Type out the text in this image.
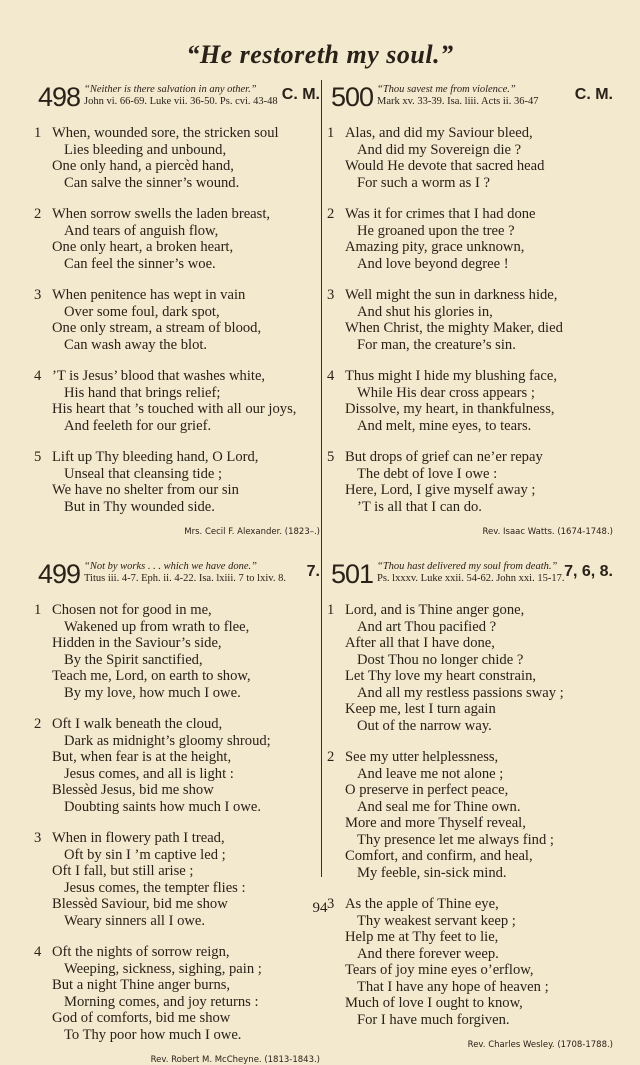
“He restoreth my soul.”
498 “Neither is there salvation in any other.”
John vi. 66-69. Luke vii. 36-50. Ps. cvi. 43-48 C. M.
1 When, wounded sore, the stricken soul
Lies bleeding and unbound,
One only hand, a piercèd hand,
Can salve the sinner’s wound.
2 When sorrow swells the laden breast,
And tears of anguish flow,
One only heart, a broken heart,
Can feel the sinner’s woe.
3 When penitence has wept in vain
Over some foul, dark spot,
One only stream, a stream of blood,
Can wash away the blot.
4 ’T is Jesus’ blood that washes white,
His hand that brings relief;
His heart that ’s touched with all our joys,
And feeleth for our grief.
5 Lift up Thy bleeding hand, O Lord,
Unseal that cleansing tide ;
We have no shelter from our sin
But in Thy wounded side.
Mrs. Cecil F. Alexander. (1823–.)
499 “Not by works . . . which we have done.”
Titus iii. 4-7. Eph. ii. 4-22. Isa. lxiii. 7 to lxiv. 8. 7.
1 Chosen not for good in me,
Wakened up from wrath to flee,
Hidden in the Saviour’s side,
By the Spirit sanctified,
Teach me, Lord, on earth to show,
By my love, how much I owe.
2 Oft I walk beneath the cloud,
Dark as midnight’s gloomy shroud;
But, when fear is at the height,
Jesus comes, and all is light :
Blessèd Jesus, bid me show
Doubting saints how much I owe.
3 When in flowery path I tread,
Oft by sin I ’m captive led ;
Oft I fall, but still arise ;
Jesus comes, the tempter flies :
Blessèd Saviour, bid me show
Weary sinners all I owe.
4 Oft the nights of sorrow reign,
Weeping, sickness, sighing, pain ;
But a night Thine anger burns,
Morning comes, and joy returns :
God of comforts, bid me show
To Thy poor how much I owe.
Rev. Robert M. McCheyne. (1813-1843.)
500 “Thou savest me from violence.”
Mark xv. 33-39. Isa. liii. Acts ii. 36-47 C. M.
1 Alas, and did my Saviour bleed,
And did my Sovereign die ?
Would He devote that sacred head
For such a worm as I ?
2 Was it for crimes that I had done
He groaned upon the tree ?
Amazing pity, grace unknown,
And love beyond degree !
3 Well might the sun in darkness hide,
And shut his glories in,
When Christ, the mighty Maker, died
For man, the creature’s sin.
4 Thus might I hide my blushing face,
While His dear cross appears ;
Dissolve, my heart, in thankfulness,
And melt, mine eyes, to tears.
5 But drops of grief can ne’er repay
The debt of love I owe :
Here, Lord, I give myself away ;
’T is all that I can do.
Rev. Isaac Watts. (1674-1748.)
501 “Thou hast delivered my soul from death.”
Ps. lxxxv. Luke xxii. 54-62. John xxi. 15-17. 7, 6, 8.
1 Lord, and is Thine anger gone,
And art Thou pacified ?
After all that I have done,
Dost Thou no longer chide ?
Let Thy love my heart constrain,
And all my restless passions sway ;
Keep me, lest I turn again
Out of the narrow way.
2 See my utter helplessness,
And leave me not alone ;
O preserve in perfect peace,
And seal me for Thine own.
More and more Thyself reveal,
Thy presence let me always find ;
Comfort, and confirm, and heal,
My feeble, sin-sick mind.
3 As the apple of Thine eye,
Thy weakest servant keep ;
Help me at Thy feet to lie,
And there forever weep.
Tears of joy mine eyes o’erflow,
That I have any hope of heaven ;
Much of love I ought to know,
For I have much forgiven.
Rev. Charles Wesley. (1708-1788.)
94
